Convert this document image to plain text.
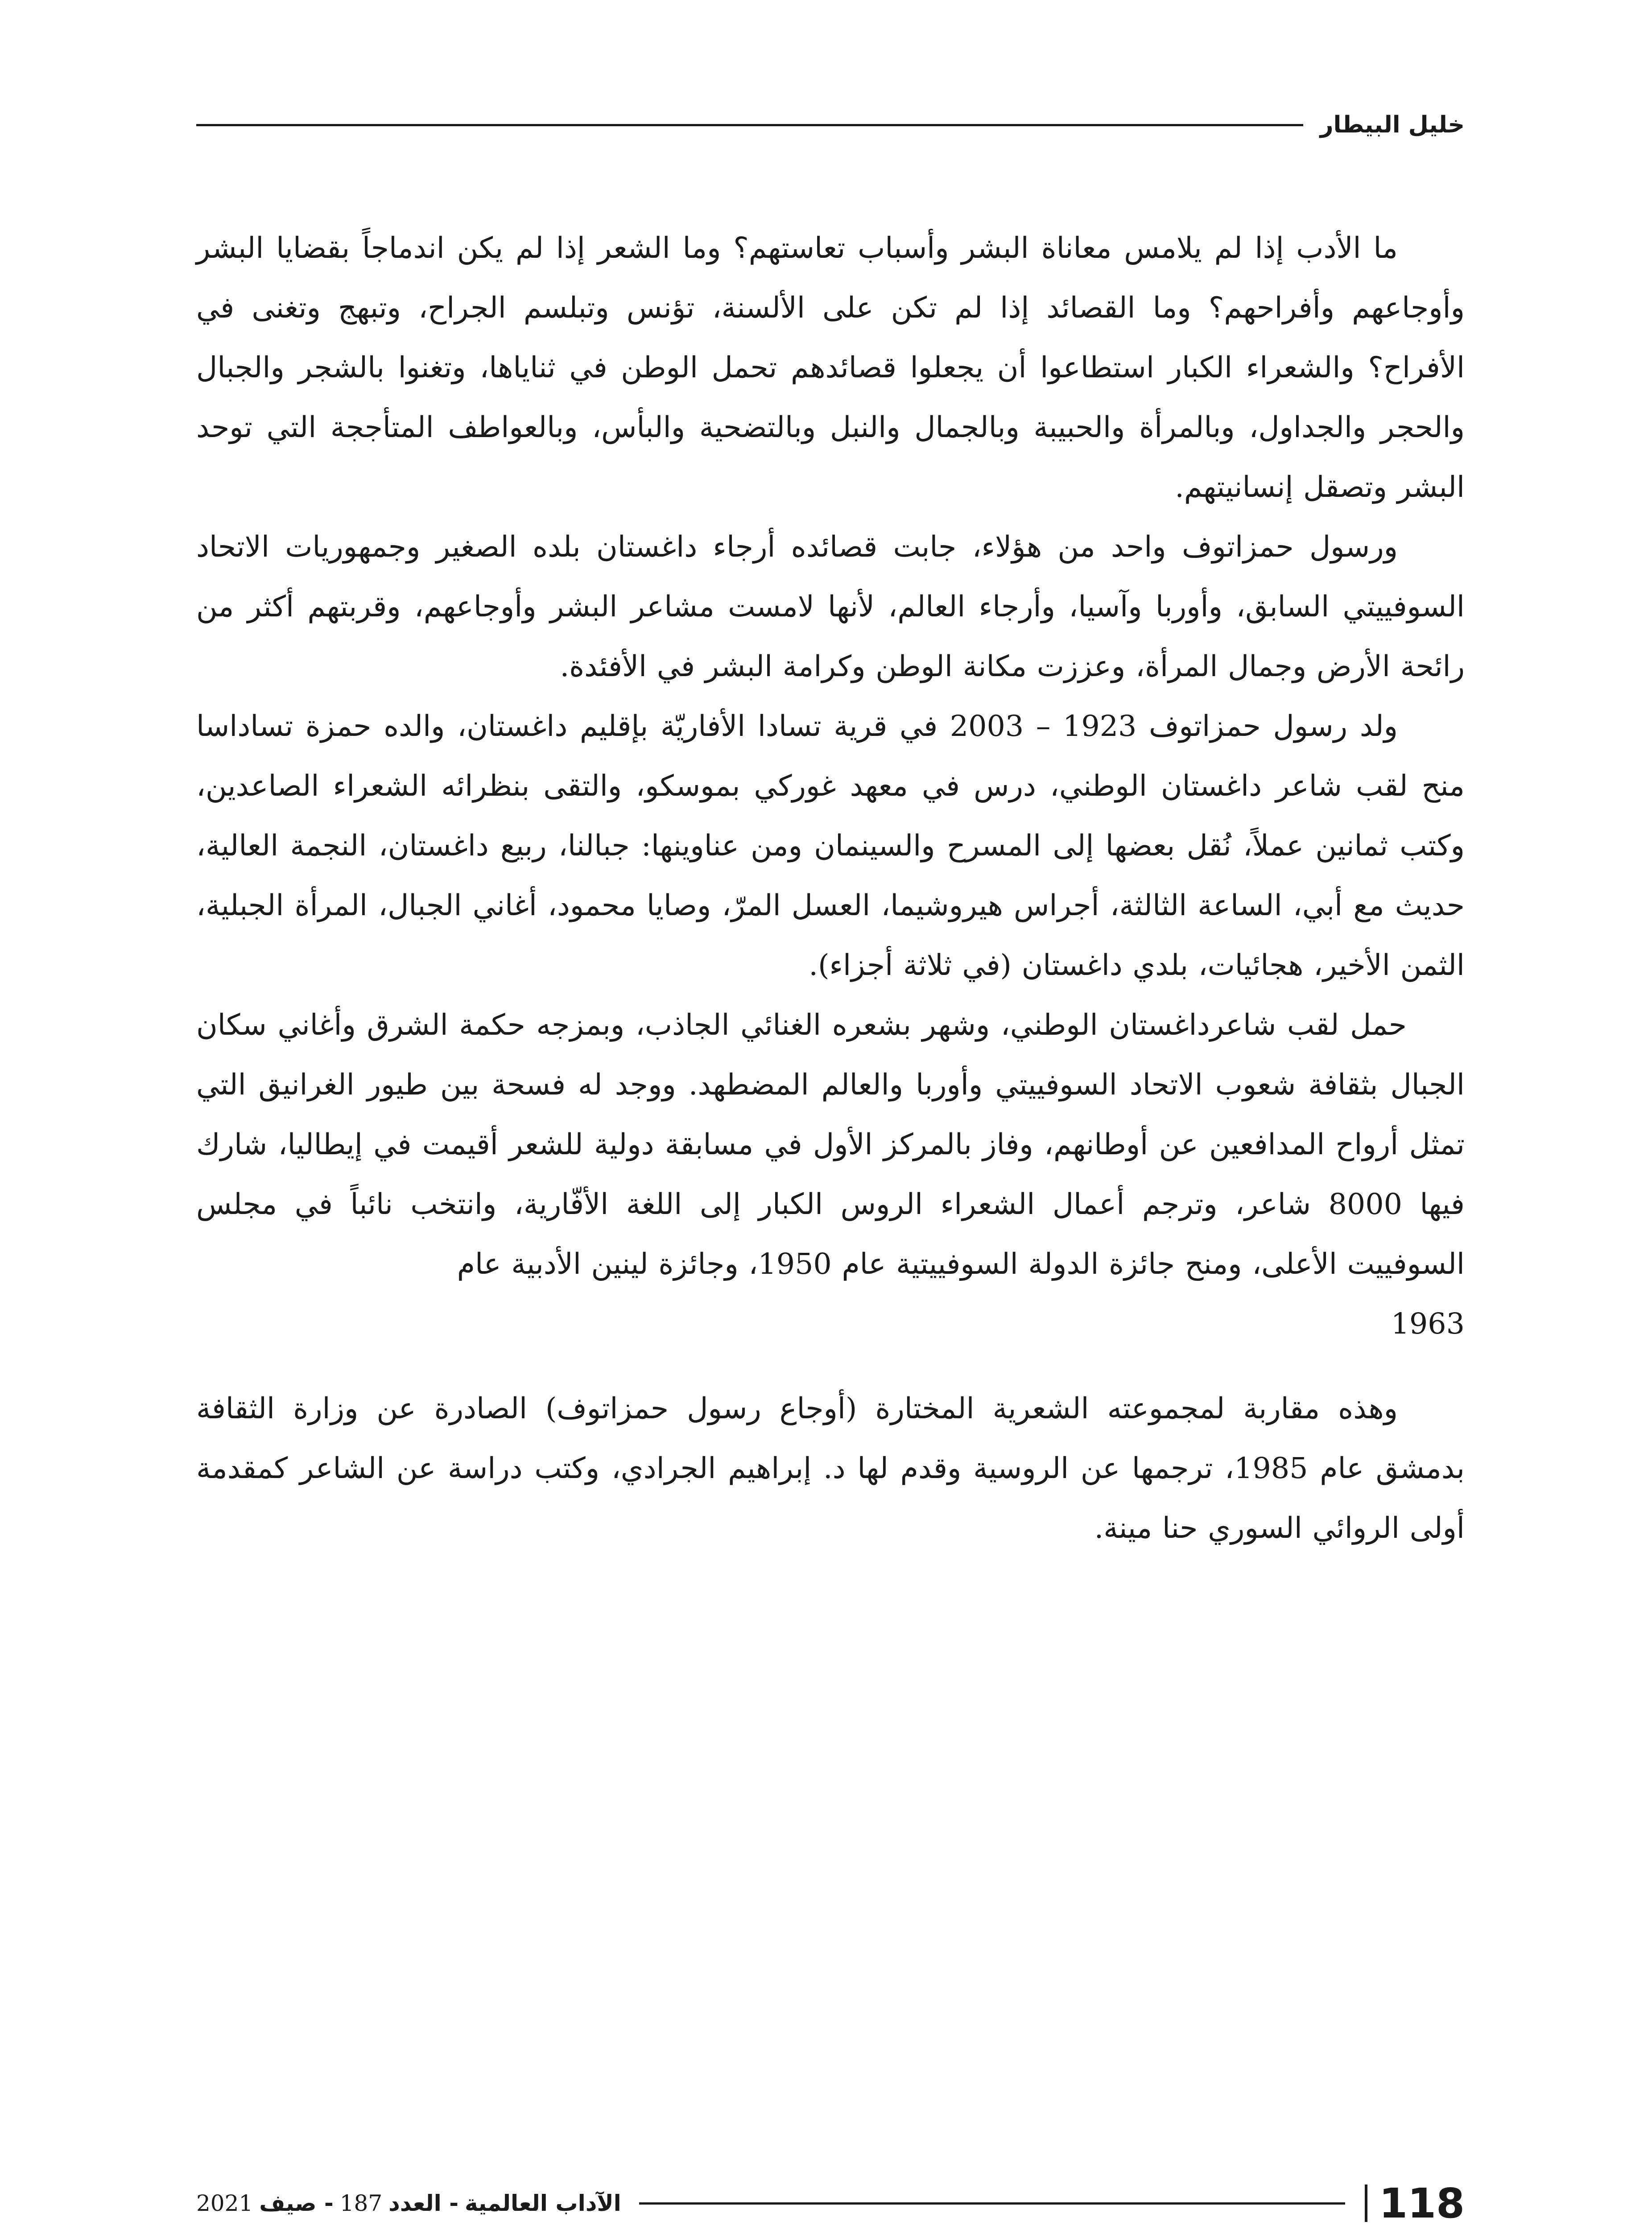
خليل البيطار

ما الأدب إذا لم يلامس معاناة البشر وأسباب تعاستهم؟ وما الشعر إذا لم يكن اندماجاً بقضايا البشر وأوجاعهم وأفراحهم؟ وما القصائد إذا لم تكن على الألسنة، تؤنس وتبلسم الجراح، وتبهج وتغنى في الأفراح؟ والشعراء الكبار استطاعوا أن يجعلوا قصائدهم تحمل الوطن في ثناياها، وتغنوا بالشجر والجبال والحجر والجداول، وبالمرأة والحبيبة وبالجمال والنبل وبالتضحية والبأس، وبالعواطف المتأججة التي توحد البشر وتصقل إنسانيتهم.

ورسول حمزاتوف واحد من هؤلاء، جابت قصائده أرجاء داغستان بلده الصغير وجمهوريات الاتحاد السوفييتي السابق، وأوربا وآسيا، وأرجاء العالم، لأنها لامست مشاعر البشر وأوجاعهم، وقربتهم أكثر من رائحة الأرض وجمال المرأة، وعززت مكانة الوطن وكرامة البشر في الأفئدة.

ولد رسول حمزاتوف 1923 – 2003 في قرية تسادا الأفاريّة بإقليم داغستان، والده حمزة تساداسا منح لقب شاعر داغستان الوطني، درس في معهد غوركي بموسكو، والتقى بنظرائه الشعراء الصاعدين، وكتب ثمانين عملاً، نُقل بعضها إلى المسرح والسينمان ومن عناوينها: جبالنا، ربيع داغستان، النجمة العالية، حديث مع أبي، الساعة الثالثة، أجراس هيروشيما، العسل المرّ، وصايا محمود، أغاني الجبال، المرأة الجبلية، الثمن الأخير، هجائيات، بلدي داغستان (في ثلاثة أجزاء).

حمل لقب شاعرداغستان الوطني، وشهر بشعره الغنائي الجاذب، وبمزجه حكمة الشرق وأغاني سكان الجبال بثقافة شعوب الاتحاد السوفييتي وأوربا والعالم المضطهد. ووجد له فسحة بين طيور الغرانيق التي تمثل أرواح المدافعين عن أوطانهم، وفاز بالمركز الأول في مسابقة دولية للشعر أقيمت في إيطاليا، شارك فيها 8000 شاعر، وترجم أعمال الشعراء الروس الكبار إلى اللغة الأفّارية، وانتخب نائباً في مجلس السوفييت الأعلى، ومنح جائزة الدولة السوفييتية عام 1950، وجائزة لينين الأدبية عام

1963

وهذه مقاربة لمجموعته الشعرية المختارة (أوجاع رسول حمزاتوف) الصادرة عن وزارة الثقافة بدمشق عام 1985، ترجمها عن الروسية وقدم لها د. إبراهيم الجرادي، وكتب دراسة عن الشاعر كمقدمة أولى الروائي السوري حنا مينة.

118
الآداب العالمية
- العدد
187
- صيف
2021
